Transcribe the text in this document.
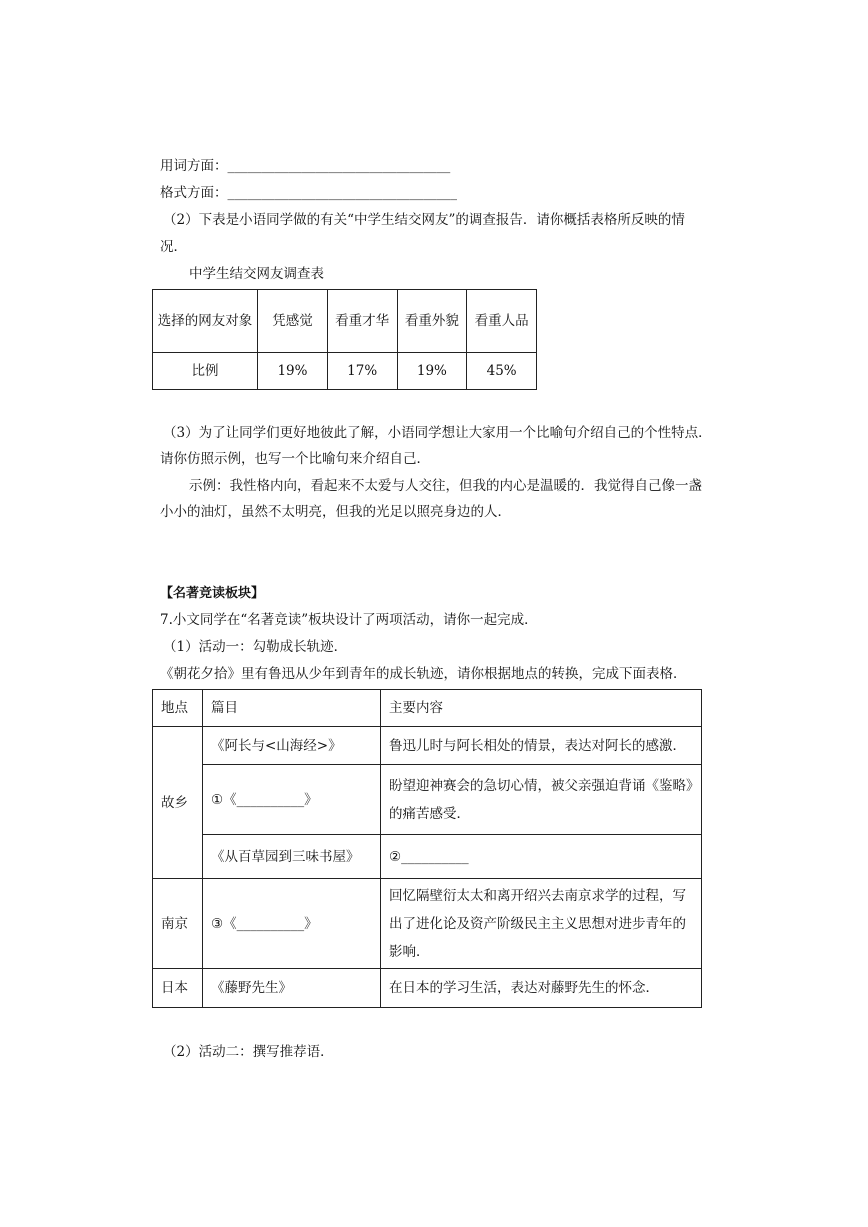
用词方面：_________________________________
格式方面：__________________________________
（2）下表是小语同学做的有关“中学生结交网友”的调查报告．请你概括表格所反映的情
况．
中学生结交网友调查表
选择的网友对象	凭感觉	看重才华	看重外貌	看重人品
比例	19%	17%	19%	45%
（3）为了让同学们更好地彼此了解，小语同学想让大家用一个比喻句介绍自己的个性特点．
请你仿照示例，也写一个比喻句来介绍自己．
示例：我性格内向，看起来不太爱与人交往，但我的内心是温暖的．我觉得自己像一盏
小小的油灯，虽然不太明亮，但我的光足以照亮身边的人．
【名著竞读板块】
7.小文同学在“名著竞读”板块设计了两项活动，请你一起完成．
（1）活动一：勾勒成长轨迹．
《朝花夕拾》里有鲁迅从少年到青年的成长轨迹，请你根据地点的转换，完成下面表格．
地点	篇目	主要内容
故乡	《阿长与<山海经>》	鲁迅儿时与阿长相处的情景，表达对阿长的感激．
	①《__________》	盼望迎神赛会的急切心情，被父亲强迫背诵《鉴略》的痛苦感受．
	《从百草园到三味书屋》	②__________
南京	③《__________》	回忆隔壁衍太太和离开绍兴去南京求学的过程，写出了进化论及资产阶级民主主义思想对进步青年的影响．
日本	《藤野先生》	在日本的学习生活，表达对藤野先生的怀念．
（2）活动二：撰写推荐语．
